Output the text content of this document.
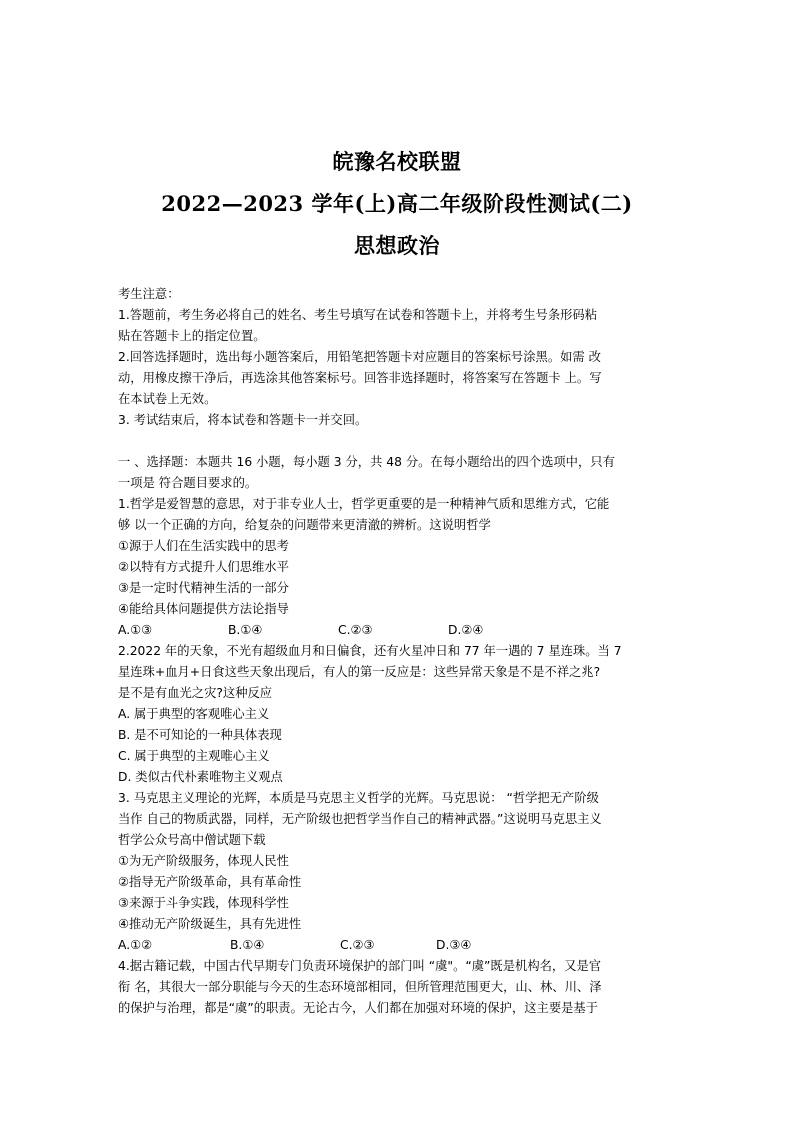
皖豫名校联盟
2022—2023 学年(上)高二年级阶段性测试(二)
思想政治

考生注意：
1.答题前，考生务必将自己的姓名、考生号填写在试卷和答题卡上，并将考生号条形码粘
贴在答题卡上的指定位置。
2.回答选择题时，选出每小题答案后，用铅笔把答题卡对应题目的答案标号涂黑。如需 改
动，用橡皮擦干净后，再选涂其他答案标号。回答非选择题时，将答案写在答题卡 上。写
在本试卷上无效。
3. 考试结束后，将本试卷和答题卡一并交回。

一 、选择题：本题共 16 小题，每小题 3 分，共 48 分。在每小题给出的四个选项中，只有
一项是 符合题目要求的。

1.哲学是爱智慧的意思，对于非专业人士，哲学更重要的是一种精神气质和思维方式，它能
够 以一个正确的方向，给复杂的问题带来更清澈的辨析。这说明哲学
①源于人们在生活实践中的思考
②以特有方式提升人们思维水平
③是一定时代精神生活的一部分
④能给具体问题提供方法论指导
A.①③	B.①④	C.②③	D.②④

2.2022 年的天象，不光有超级血月和日偏食，还有火星冲日和 77 年一遇的 7 星连珠。当 7
星连珠+血月+日食这些天象出现后，有人的第一反应是：这些异常天象是不是不祥之兆?
是不是有血光之灾?这种反应
A. 属于典型的客观唯心主义
B. 是不可知论的一种具体表现
C. 属于典型的主观唯心主义
D. 类似古代朴素唯物主义观点

3. 马克思主义理论的光辉，本质是马克思主义哲学的光辉。马克思说： “哲学把无产阶级
当作 自己的物质武器，同样，无产阶级也把哲学当作自己的精神武器。”这说明马克思主义
哲学公众号高中僧试题下载
①为无产阶级服务，体现人民性
②指导无产阶级革命，具有革命性
③来源于斗争实践，体现科学性
④推动无产阶级诞生，具有先进性
A.①②	B.①④	C.②③	D.③④

4.据古籍记载，中国古代早期专门负责环境保护的部门叫 “虞"。“虞”既是机构名，又是官
衔 名，其很大一部分职能与今天的生态环境部相同，但所管理范围更大，山、林、川、泽
的保护与治理，都是“虞”的职责。无论古今，人们都在加强对环境的保护，这主要是基于
